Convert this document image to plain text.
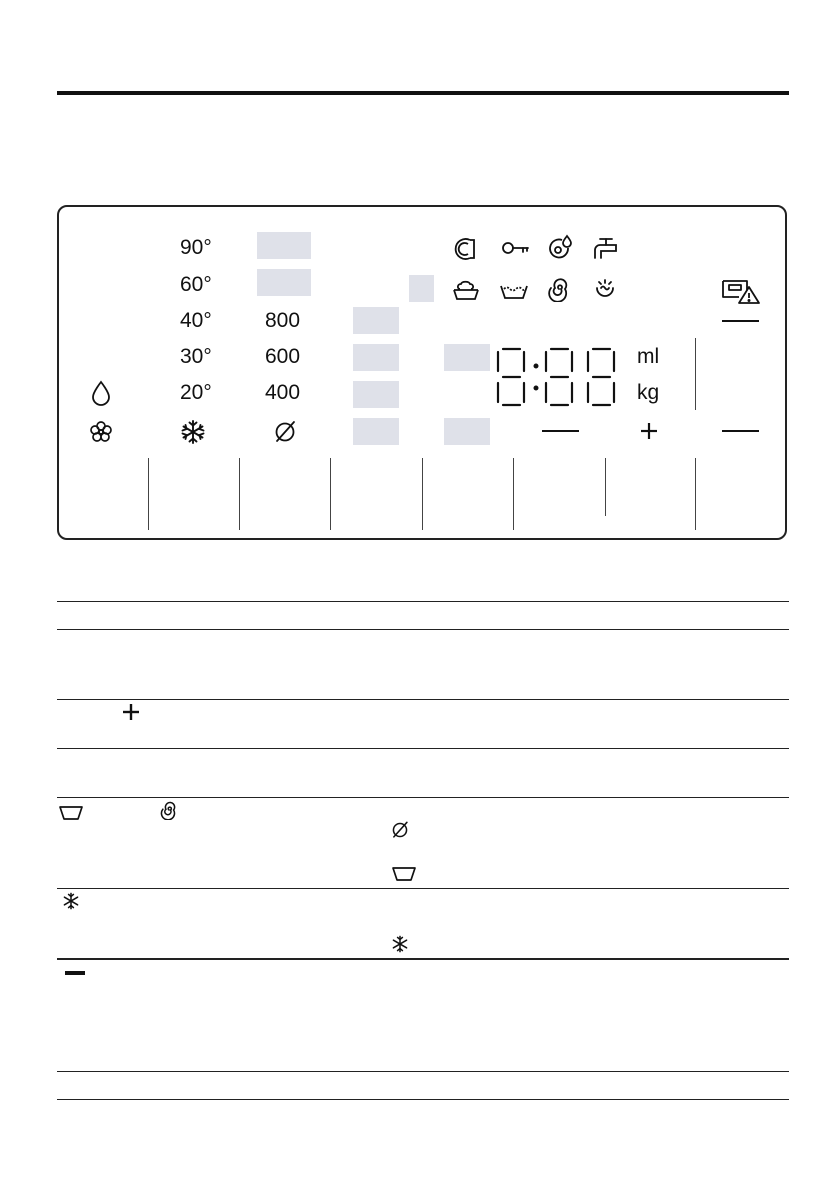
90°
60°
40°
30°
20°
800
600
400
ml
kg
